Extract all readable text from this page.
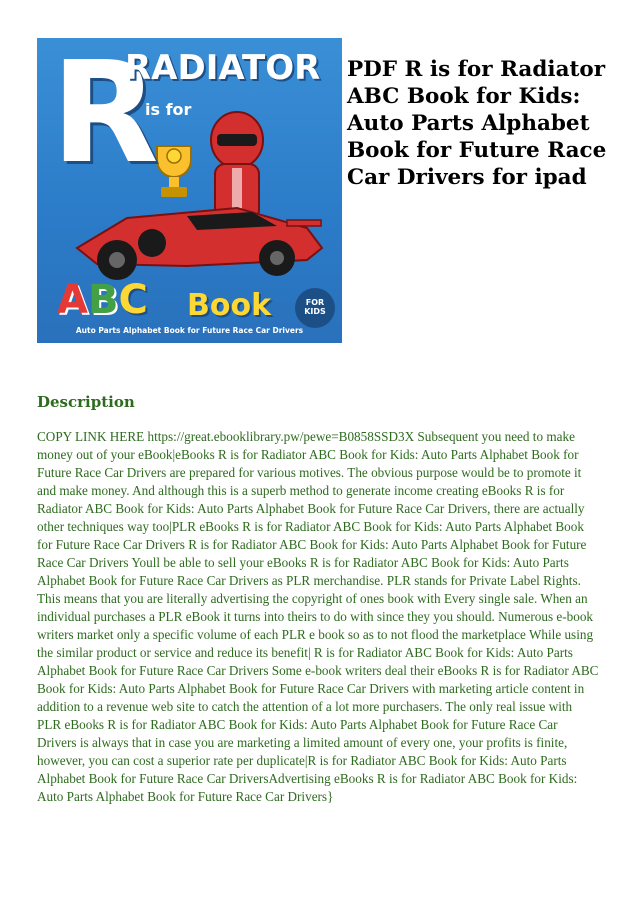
R
RADIATOR
is for
ABC Book	FOR KIDS
Auto Parts Alphabet Book for Future Race Car Drivers
PDF R is for Radiator ABC Book for Kids: Auto Parts Alphabet Book for Future Race Car Drivers for ipad
Description

COPY LINK HERE https://great.ebooklibrary.pw/pewe=B0858SSD3X Subsequent you need to make money out of your eBook|eBooks R is for Radiator ABC Book for Kids: Auto Parts Alphabet Book for Future Race Car Drivers are prepared for various motives. The obvious purpose would be to promote it and make money. And although this is a superb method to generate income creating eBooks R is for Radiator ABC Book for Kids: Auto Parts Alphabet Book for Future Race Car Drivers, there are actually other techniques way too|PLR eBooks R is for Radiator ABC Book for Kids: Auto Parts Alphabet Book for Future Race Car Drivers R is for Radiator ABC Book for Kids: Auto Parts Alphabet Book for Future Race Car Drivers Youll be able to sell your eBooks R is for Radiator ABC Book for Kids: Auto Parts Alphabet Book for Future Race Car Drivers as PLR merchandise. PLR stands for Private Label Rights. This means that you are literally advertising the copyright of ones book with Every single sale. When an individual purchases a PLR eBook it turns into theirs to do with since they you should. Numerous e-book writers market only a specific volume of each PLR e book so as to not flood the marketplace While using the similar product or service and reduce its benefit| R is for Radiator ABC Book for Kids: Auto Parts Alphabet Book for Future Race Car Drivers Some e-book writers deal their eBooks R is for Radiator ABC Book for Kids: Auto Parts Alphabet Book for Future Race Car Drivers with marketing article content in addition to a revenue web site to catch the attention of a lot more purchasers. The only real issue with PLR eBooks R is for Radiator ABC Book for Kids: Auto Parts Alphabet Book for Future Race Car Drivers is always that in case you are marketing a limited amount of every one, your profits is finite, however, you can cost a superior rate per duplicate|R is for Radiator ABC Book for Kids: Auto Parts Alphabet Book for Future Race Car DriversAdvertising eBooks R is for Radiator ABC Book for Kids: Auto Parts Alphabet Book for Future Race Car Drivers}
